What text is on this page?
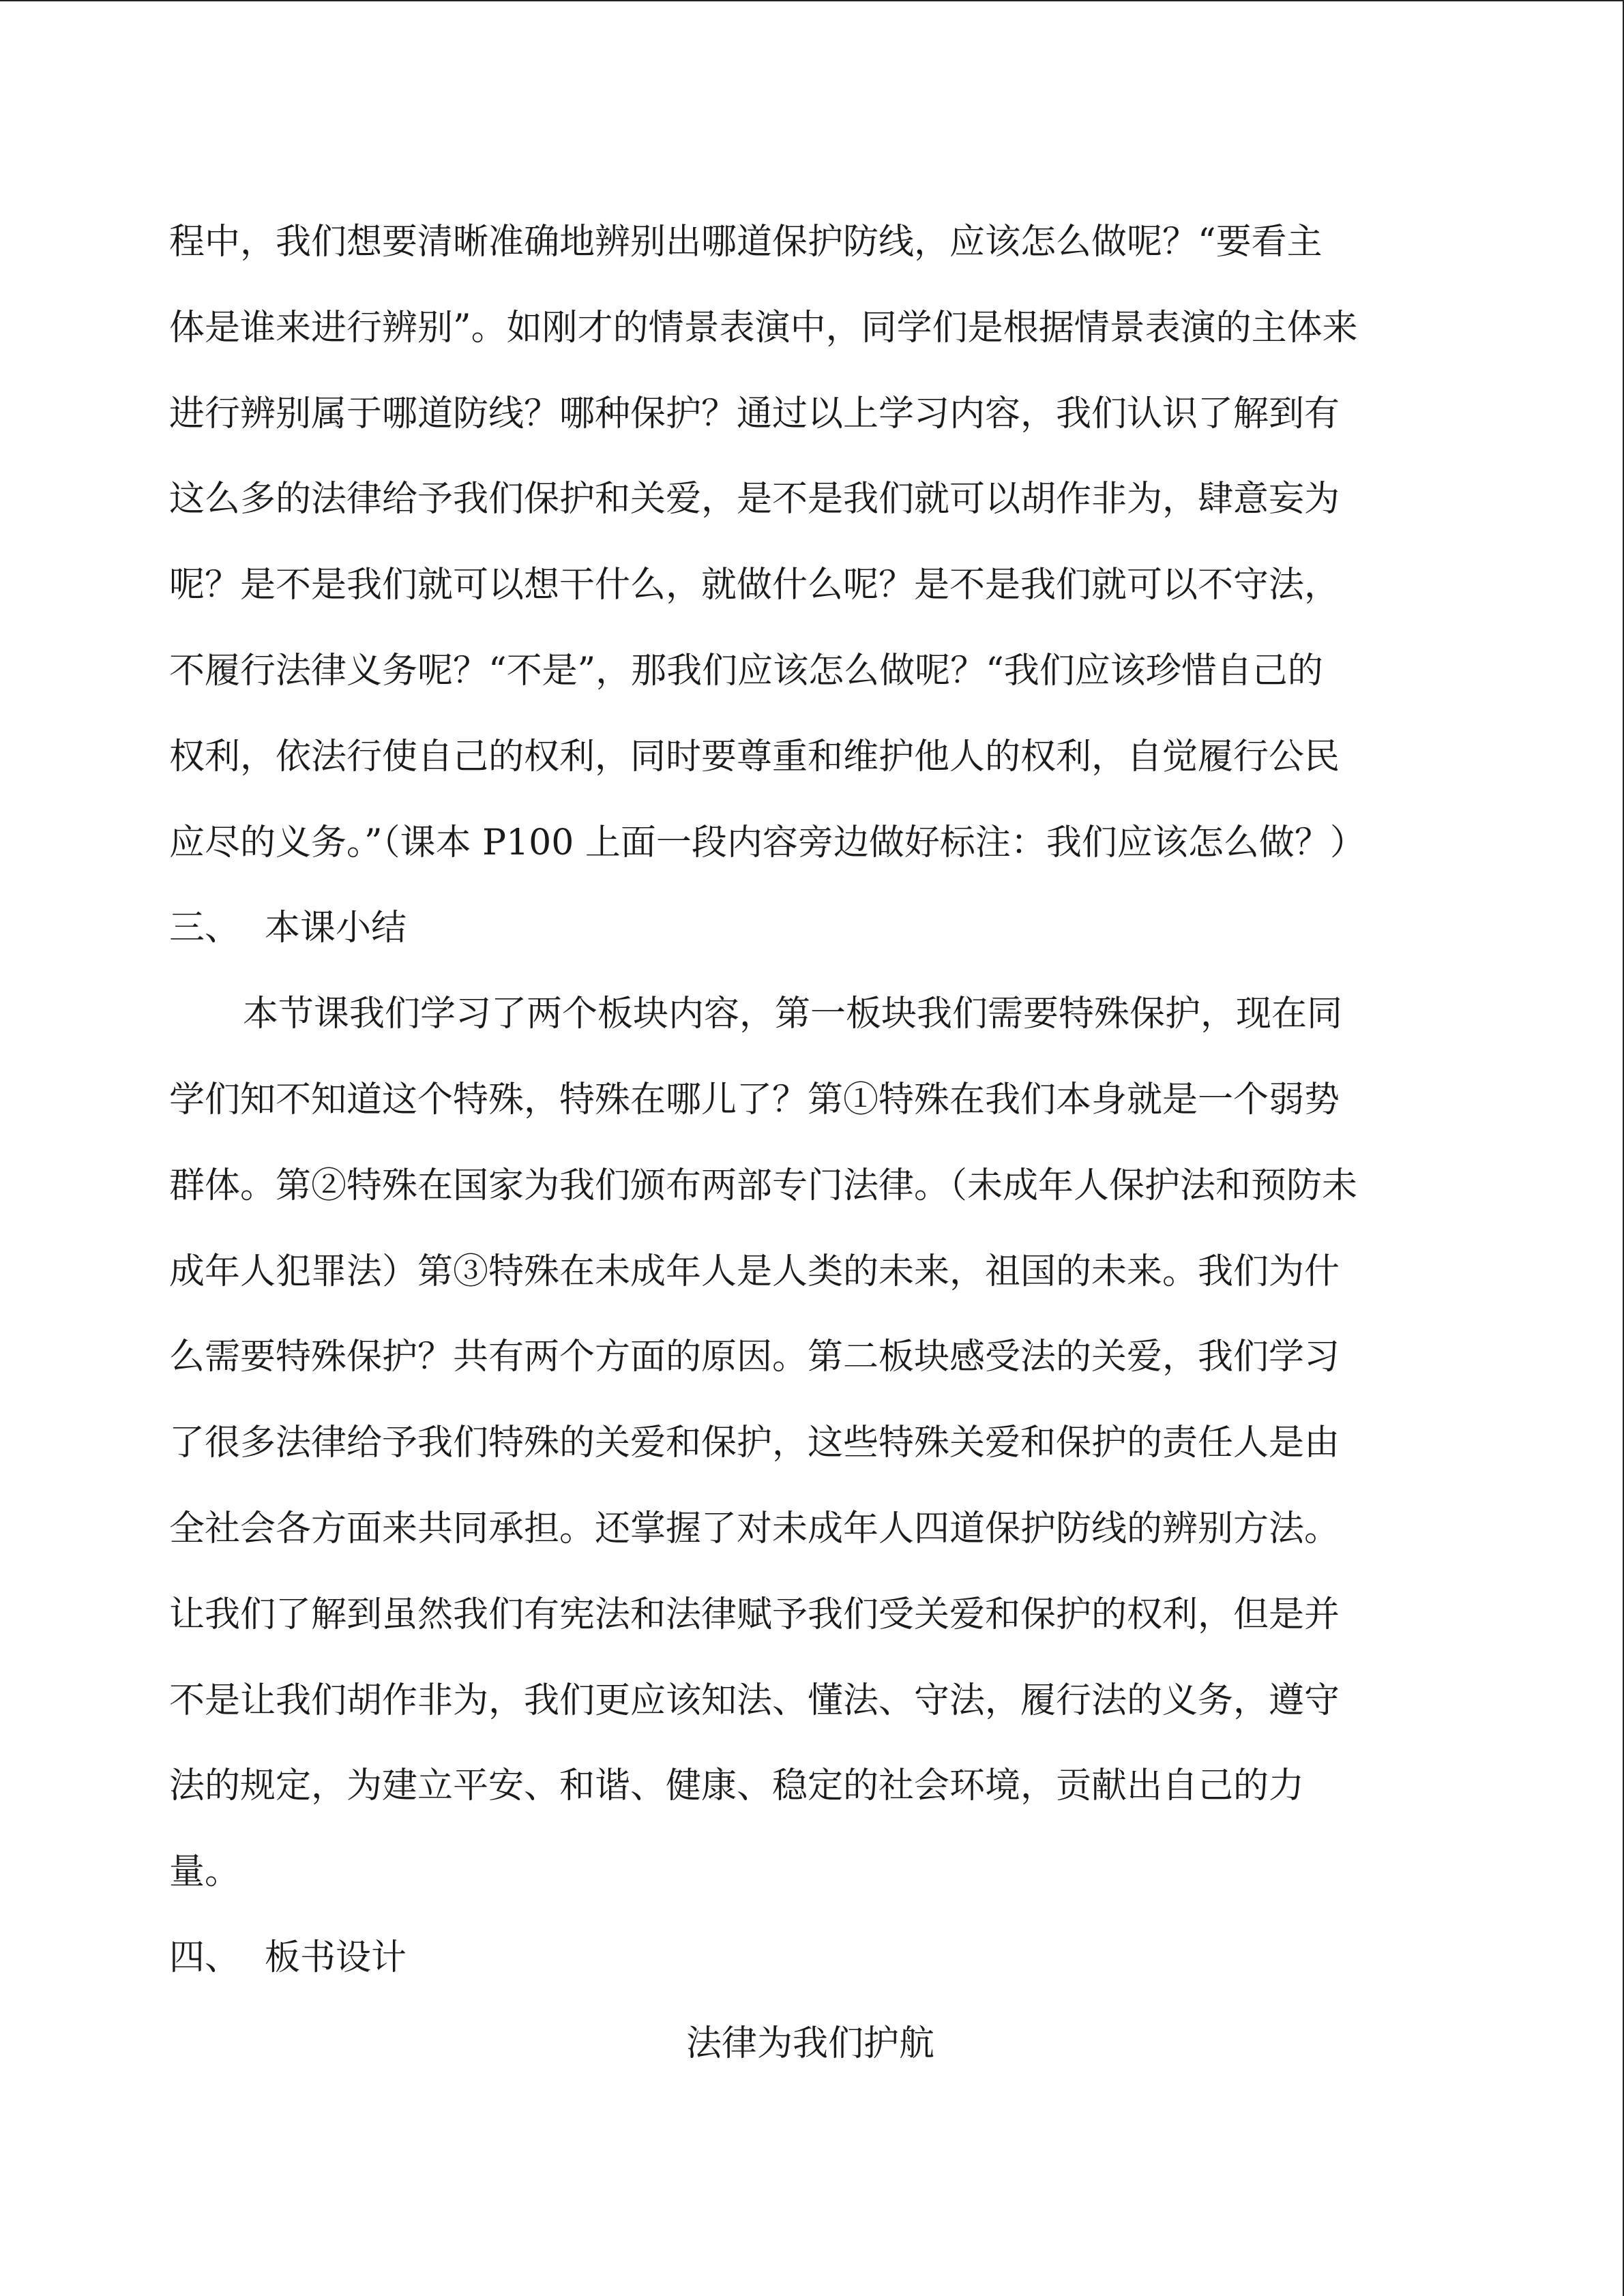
程中，我们想要清晰准确地辨别出哪道保护防线，应该怎么做呢？“要看主
体是谁来进行辨别”。如刚才的情景表演中，同学们是根据情景表演的主体来
进行辨别属于哪道防线？哪种保护？通过以上学习内容，我们认识了解到有
这么多的法律给予我们保护和关爱，是不是我们就可以胡作非为，肆意妄为
呢？是不是我们就可以想干什么，就做什么呢？是不是我们就可以不守法，
不履行法律义务呢？“不是”，那我们应该怎么做呢？“我们应该珍惜自己的
权利，依法行使自己的权利，同时要尊重和维护他人的权利，自觉履行公民
应尽的义务。”（课本 P100 上面一段内容旁边做好标注：我们应该怎么做？）
三、 本课小结
本节课我们学习了两个板块内容，第一板块我们需要特殊保护，现在同
学们知不知道这个特殊，特殊在哪儿了？第①特殊在我们本身就是一个弱势
群体。第②特殊在国家为我们颁布两部专门法律。（未成年人保护法和预防未
成年人犯罪法）第③特殊在未成年人是人类的未来，祖国的未来。我们为什
么需要特殊保护？共有两个方面的原因。第二板块感受法的关爱，我们学习
了很多法律给予我们特殊的关爱和保护，这些特殊关爱和保护的责任人是由
全社会各方面来共同承担。还掌握了对未成年人四道保护防线的辨别方法。
让我们了解到虽然我们有宪法和法律赋予我们受关爱和保护的权利，但是并
不是让我们胡作非为，我们更应该知法、懂法、守法，履行法的义务，遵守
法的规定，为建立平安、和谐、健康、稳定的社会环境，贡献出自己的力
量。
四、 板书设计
法律为我们护航
